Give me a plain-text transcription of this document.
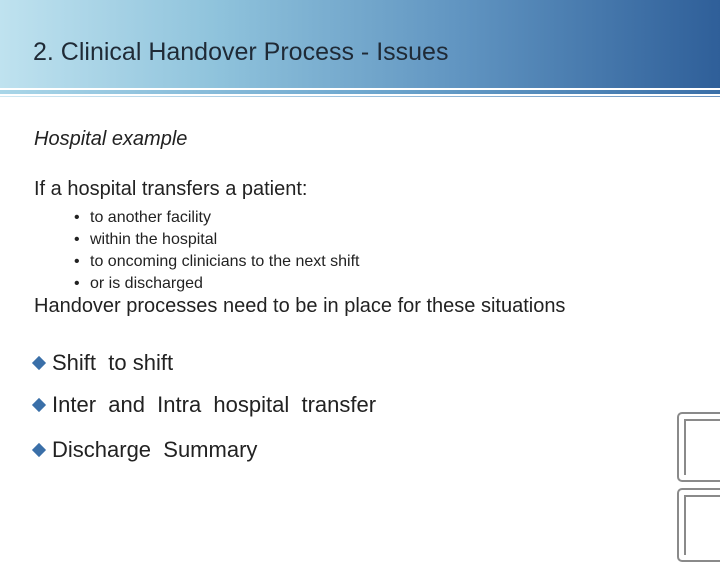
2. Clinical Handover Process - Issues
Hospital example
If a hospital transfers a patient:
• to another facility
• within the hospital
• to oncoming clinicians to the next shift
• or is discharged
Handover processes need to be in place for these situations
Shift  to shift
Inter  and  Intra  hospital  transfer
Discharge  Summary
